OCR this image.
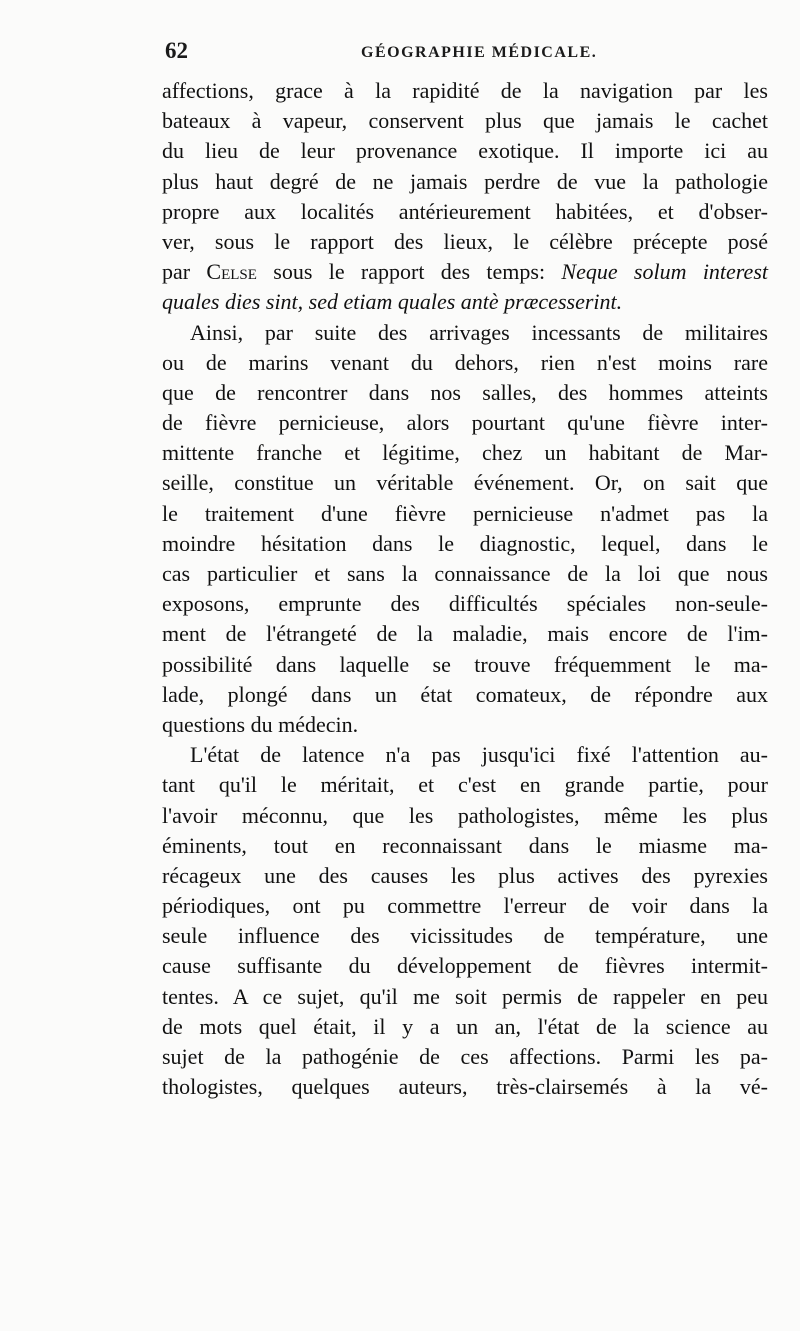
62	GÉOGRAPHIE MÉDICALE.
affections, grace à la rapidité de la navigation par les
bateaux à vapeur, conservent plus que jamais le cachet
du lieu de leur provenance exotique. Il importe ici au
plus haut degré de ne jamais perdre de vue la pathologie
propre aux localités antérieurement habitées, et d'obser-
ver, sous le rapport des lieux, le célèbre précepte posé
par Celse sous le rapport des temps: Neque solum interest
quales dies sint, sed etiam quales antè præcesserint.
Ainsi, par suite des arrivages incessants de militaires
ou de marins venant du dehors, rien n'est moins rare
que de rencontrer dans nos salles, des hommes atteints
de fièvre pernicieuse, alors pourtant qu'une fièvre inter-
mittente franche et légitime, chez un habitant de Mar-
seille, constitue un véritable événement. Or, on sait que
le traitement d'une fièvre pernicieuse n'admet pas la
moindre hésitation dans le diagnostic, lequel, dans le
cas particulier et sans la connaissance de la loi que nous
exposons, emprunte des difficultés spéciales non-seule-
ment de l'étrangeté de la maladie, mais encore de l'im-
possibilité dans laquelle se trouve fréquemment le ma-
lade, plongé dans un état comateux, de répondre aux
questions du médecin.
L'état de latence n'a pas jusqu'ici fixé l'attention au-
tant qu'il le méritait, et c'est en grande partie, pour
l'avoir méconnu, que les pathologistes, même les plus
éminents, tout en reconnaissant dans le miasme ma-
récageux une des causes les plus actives des pyrexies
périodiques, ont pu commettre l'erreur de voir dans la
seule influence des vicissitudes de température, une
cause suffisante du développement de fièvres intermit-
tentes. A ce sujet, qu'il me soit permis de rappeler en peu
de mots quel était, il y a un an, l'état de la science au
sujet de la pathogénie de ces affections. Parmi les pa-
thologistes, quelques auteurs, très-clairsemés à la vé-
